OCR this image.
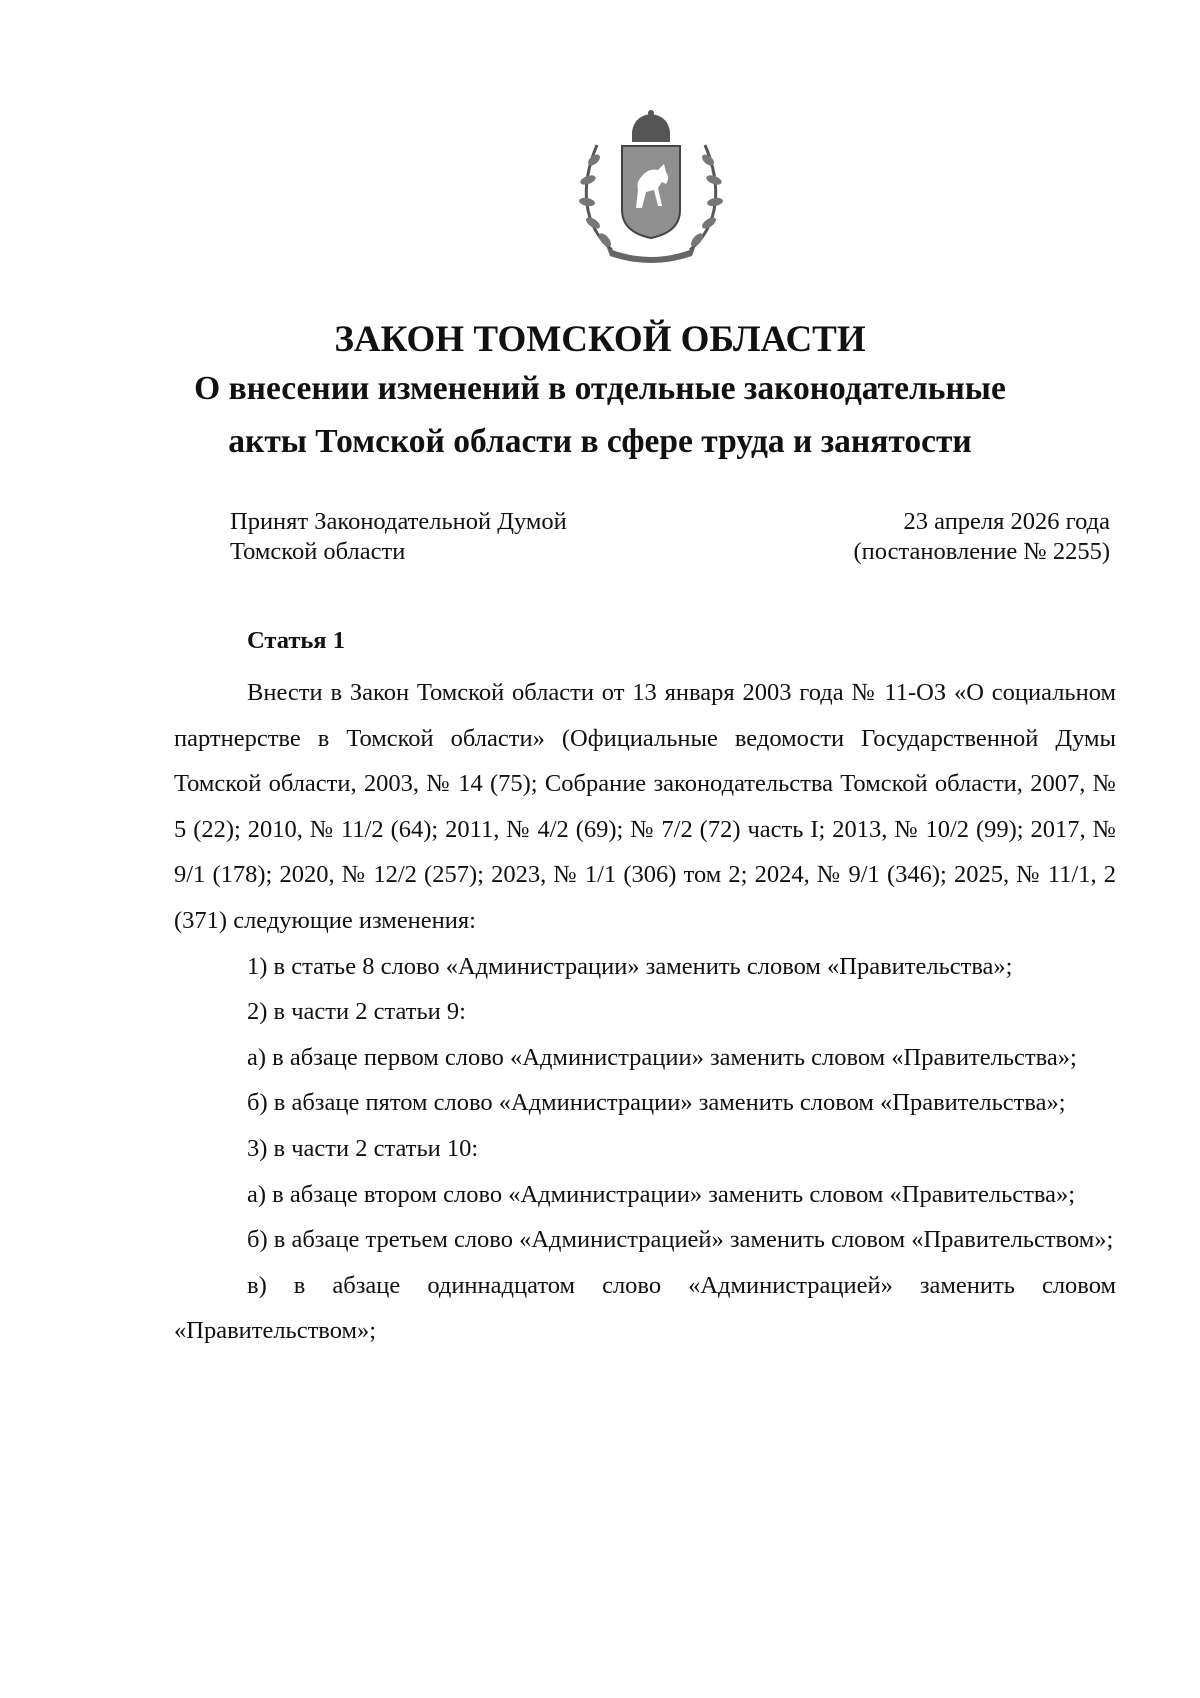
ЗАКОН ТОМСКОЙ ОБЛАСТИ
О внесении изменений в отдельные законодательные
акты Томской области в сфере труда и занятости
Принят Законодательной Думой
Томской области
23 апреля 2026 года
(постановление № 2255)
Статья 1

Внести в Закон Томской области от 13 января 2003 года № 11-ОЗ «О социальном партнерстве в Томской области» (Официальные ведомости Государственной Думы Томской области, 2003, № 14 (75); Собрание законодательства Томской области, 2007, № 5 (22); 2010, № 11/2 (64); 2011, № 4/2 (69); № 7/2 (72) часть I; 2013, № 10/2 (99); 2017, № 9/1 (178); 2020, № 12/2 (257); 2023, № 1/1 (306) том 2; 2024, № 9/1 (346); 2025, № 11/1, 2 (371) следующие изменения:

1) в статье 8 слово «Администрации» заменить словом «Правительства»;

2) в части 2 статьи 9:

а) в абзаце первом слово «Администрации» заменить словом «Правительства»;

б) в абзаце пятом слово «Администрации» заменить словом «Правительства»;

3) в части 2 статьи 10:

а) в абзаце втором слово «Администрации» заменить словом «Правительства»;

б) в абзаце третьем слово «Администрацией» заменить словом «Правительством»;

в) в абзаце одиннадцатом слово «Администрацией» заменить словом «Правительством»;
